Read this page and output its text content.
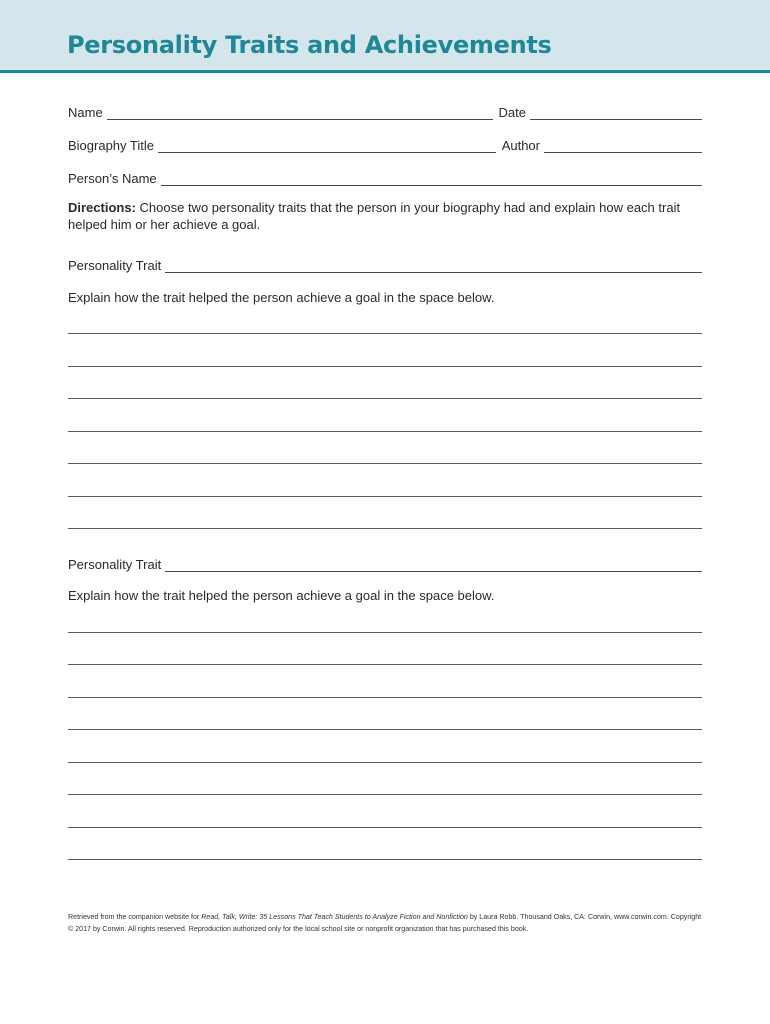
Personality Traits and Achievements
Name	Date
Biography Title	Author
Person’s Name

Directions: Choose two personality traits that the person in your biography had and explain how each trait helped him or her achieve a goal.

Personality Trait

Explain how the trait helped the person achieve a goal in the space below.

Personality Trait

Explain how the trait helped the person achieve a goal in the space below.

Retrieved from the companion website for Read, Talk, Write: 35 Lessons That Teach Students to Analyze Fiction and Nonfiction by Laura Robb. Thousand Oaks, CA: Corwin, www.corwin.com. Copyright © 2017 by Corwin. All rights reserved. Reproduction authorized only for the local school site or nonprofit organization that has purchased this book.
